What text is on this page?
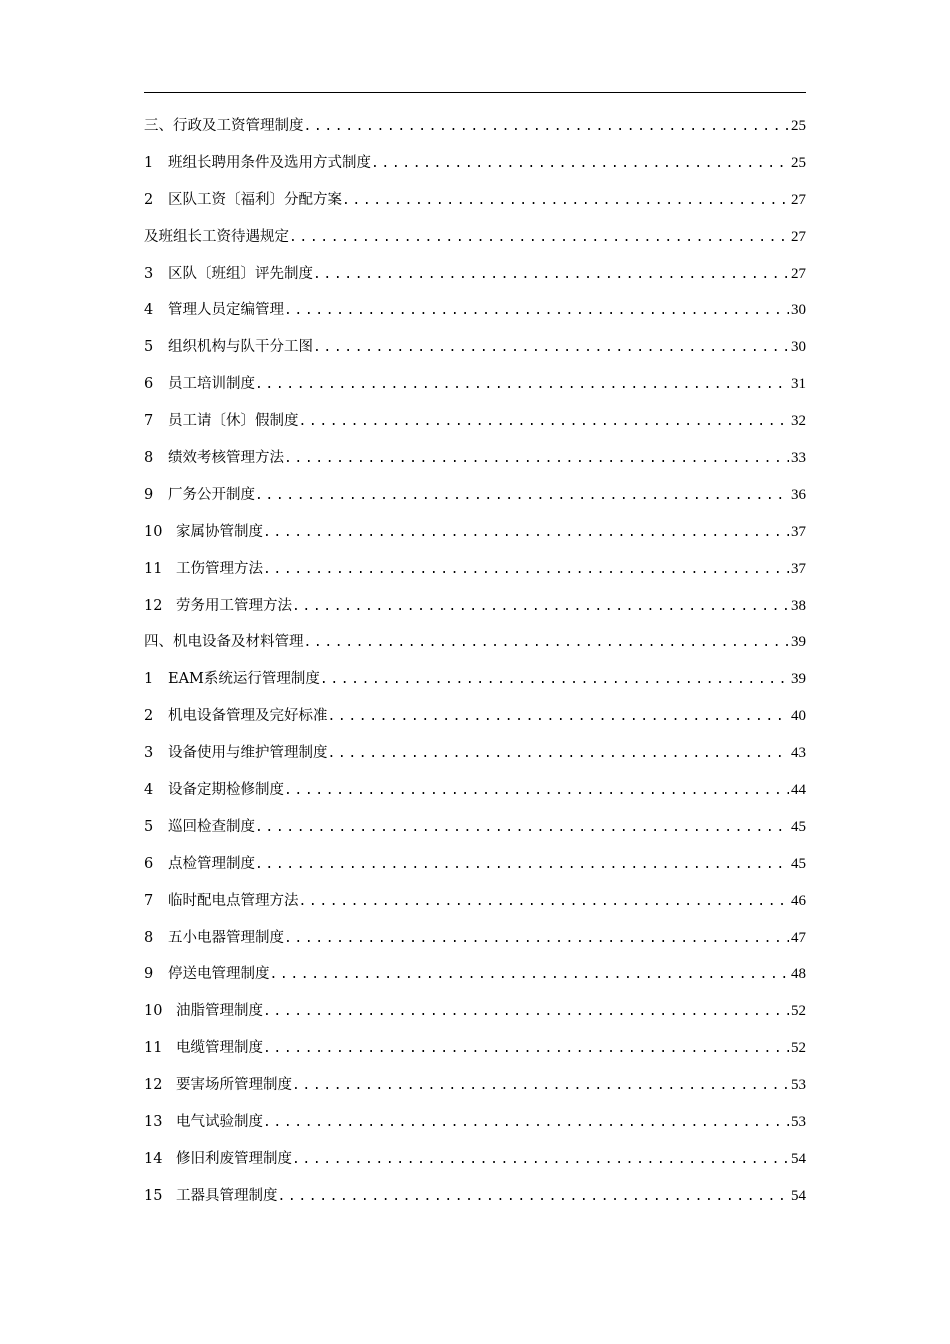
三、行政及工资管理制度 .....	25
1	班组长聘用条件及选用方式制度 .....	25
2	区队工资〔福利〕分配方案 .....	27
及班组长工资待遇规定 .....	27
3	区队〔班组〕评先制度 .....	27
4	管理人员定编管理 .....	30
5	组织机构与队干分工图 .....	30
6	员工培训制度 .....	31
7	员工请〔休〕假制度 .....	32
8	绩效考核管理方法 .....	33
9	厂务公开制度 .....	36
10 家属协管制度 .....	37
11 工伤管理方法 .....	37
12 劳务用工管理方法 .....	38
四、机电设备及材料管理 .....	39
1	EAM系统运行管理制度 .....	39
2	机电设备管理及完好标准 .....	40
3	设备使用与维护管理制度 .....	43
4	设备定期检修制度 .....	44
5	巡回检查制度 .....	45
6	点检管理制度 .....	45
7	临时配电点管理方法 .....	46
8	五小电器管理制度 .....	47
9	停送电管理制度 .....	48
10 油脂管理制度 .....	52
11 电缆管理制度 .....	52
12 要害场所管理制度 .....	53
13 电气试验制度 .....	53
14 修旧利废管理制度 .....	54
15 工器具管理制度 .....	54
